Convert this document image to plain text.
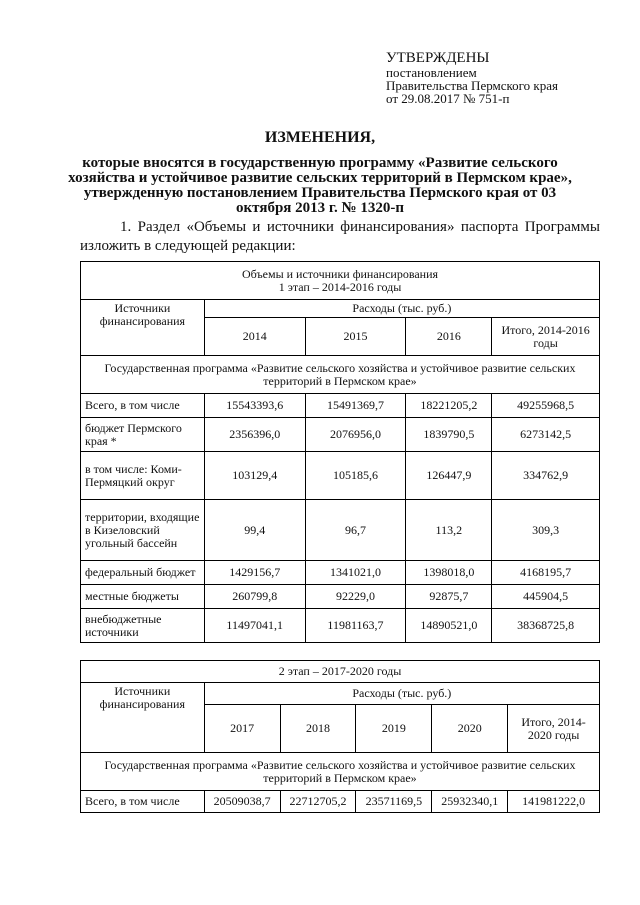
УТВЕРЖДЕНЫ
постановлением
Правительства Пермского края
от 29.08.2017 № 751-п
ИЗМЕНЕНИЯ,
которые вносятся в государственную программу «Развитие сельского хозяйства и устойчивое развитие сельских территорий в Пермском крае», утвержденную постановлением Правительства Пермского края от 03 октября 2013 г. № 1320-п
1. Раздел «Объемы и источники финансирования» паспорта Программы изложить в следующей редакции:
Объемы и источники финансирования
1 этап – 2014-2016 годы				

Источники финансирования	Расходы (тыс. руб.)			
	2014	2015	2016	Итого, 2014-2016 годы
Государственная программа «Развитие сельского хозяйства и устойчивое развитие сельских территорий в Пермском крае»				
Всего, в том числе	15543393,6	15491369,7	18221205,2	49255968,5
бюджет Пермского края *	2356396,0	2076956,0	1839790,5	6273142,5
в том числе: Коми-Пермяцкий округ	103129,4	105185,6	126447,9	334762,9
территории, входящие в Кизеловский угольный бассейн	99,4	96,7	113,2	309,3
федеральный бюджет	1429156,7	1341021,0	1398018,0	4168195,7
местные бюджеты	260799,8	92229,0	92875,7	445904,5
внебюджетные источники	11497041,1	11981163,7	14890521,0	38368725,8
2 этап – 2017-2020 годы					
Источники финансирования	Расходы (тыс. руб.)				
	2017	2018	2019	2020	Итого, 2014-2020 годы
Государственная программа «Развитие сельского хозяйства и устойчивое развитие сельских территорий в Пермском крае»					
Всего, в том числе	20509038,7	22712705,2	23571169,5	25932340,1	141981222,0
